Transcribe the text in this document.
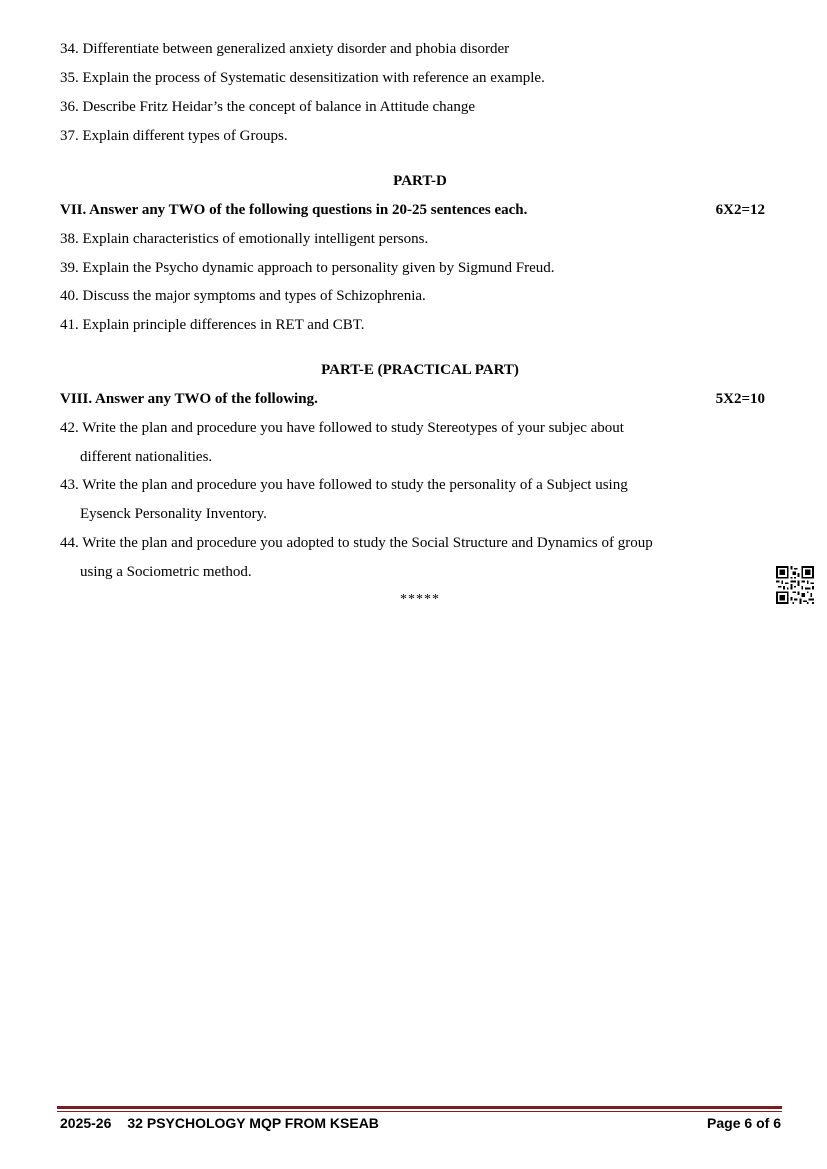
34. Differentiate between generalized anxiety disorder and phobia disorder
35. Explain the process of Systematic desensitization with reference an example.
36. Describe Fritz Heidar’s the concept of balance in Attitude change
37. Explain different types of Groups.
PART-D
VII. Answer any TWO of the following questions in 20-25 sentences each.	6X2=12
38. Explain characteristics of emotionally intelligent persons.
39. Explain the Psycho dynamic approach to personality given by Sigmund Freud.
40. Discuss the major symptoms and types of Schizophrenia.
41. Explain principle differences in RET and CBT.
PART-E (PRACTICAL PART)
VIII. Answer any TWO of the following.	5X2=10
42. Write the plan and procedure you have followed to study Stereotypes of your subjec about
different nationalities.
43. Write the plan and procedure you have followed to study the personality of a Subject using
Eysenck Personality Inventory.
44. Write the plan and procedure you adopted to study the Social Structure and Dynamics of group
using a Sociometric method.
*****
2025-26 32 PSYCHOLOGY MQP FROM KSEAB	Page 6 of 6
